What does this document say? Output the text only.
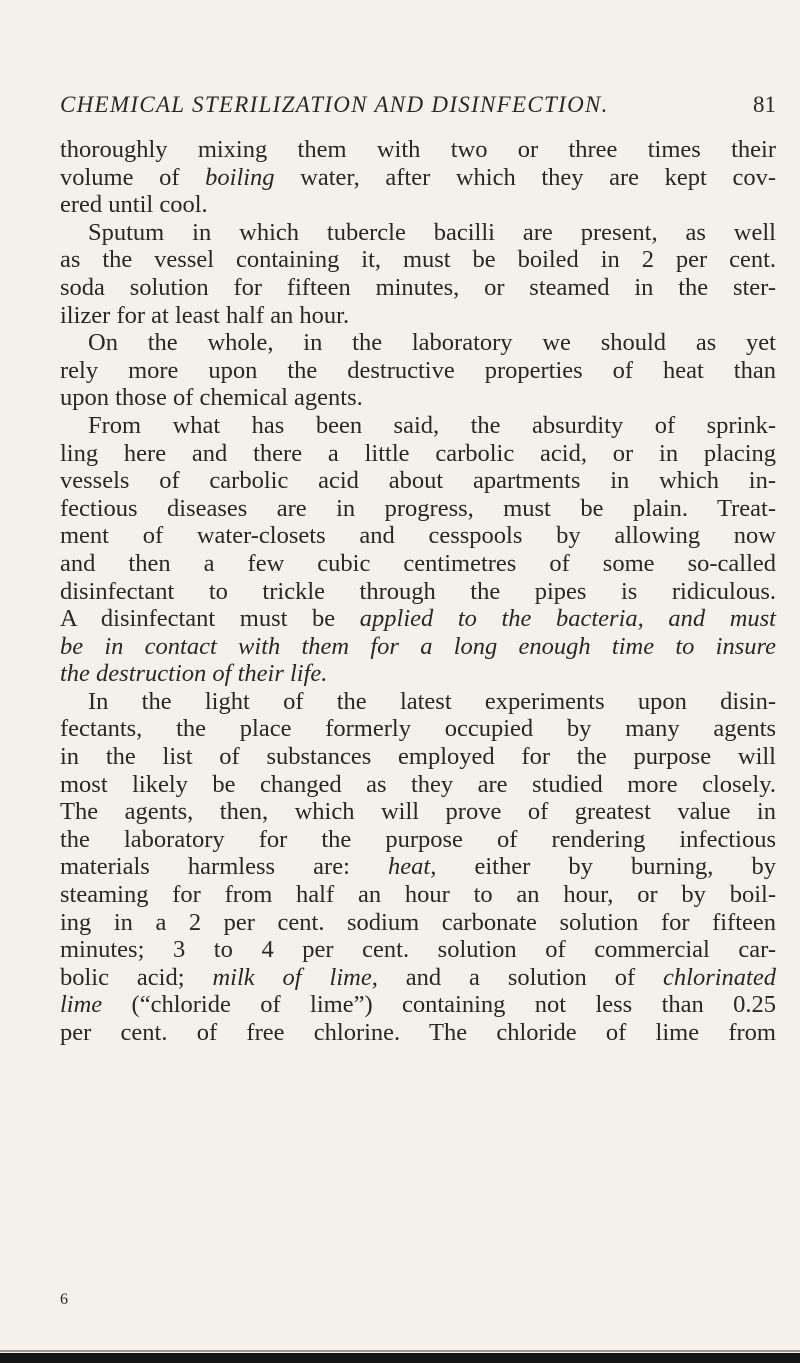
CHEMICAL STERILIZATION AND DISINFECTION.	81
thoroughly mixing them with two or three times their
volume of boiling water, after which they are kept cov-
ered until cool.
Sputum in which tubercle bacilli are present, as well
as the vessel containing it, must be boiled in 2 per cent.
soda solution for fifteen minutes, or steamed in the ster-
ilizer for at least half an hour.
On the whole, in the laboratory we should as yet
rely more upon the destructive properties of heat than
upon those of chemical agents.
From what has been said, the absurdity of sprink-
ling here and there a little carbolic acid, or in placing
vessels of carbolic acid about apartments in which in-
fectious diseases are in progress, must be plain. Treat-
ment of water-closets and cesspools by allowing now
and then a few cubic centimetres of some so-called
disinfectant to trickle through the pipes is ridiculous.
A disinfectant must be applied to the bacteria, and must
be in contact with them for a long enough time to insure
the destruction of their life.
In the light of the latest experiments upon disin-
fectants, the place formerly occupied by many agents
in the list of substances employed for the purpose will
most likely be changed as they are studied more closely.
The agents, then, which will prove of greatest value in
the laboratory for the purpose of rendering infectious
materials harmless are: heat, either by burning, by
steaming for from half an hour to an hour, or by boil-
ing in a 2 per cent. sodium carbonate solution for fifteen
minutes; 3 to 4 per cent. solution of commercial car-
bolic acid; milk of lime, and a solution of chlorinated
lime (“chloride of lime”) containing not less than 0.25
per cent. of free chlorine. The chloride of lime from
6
